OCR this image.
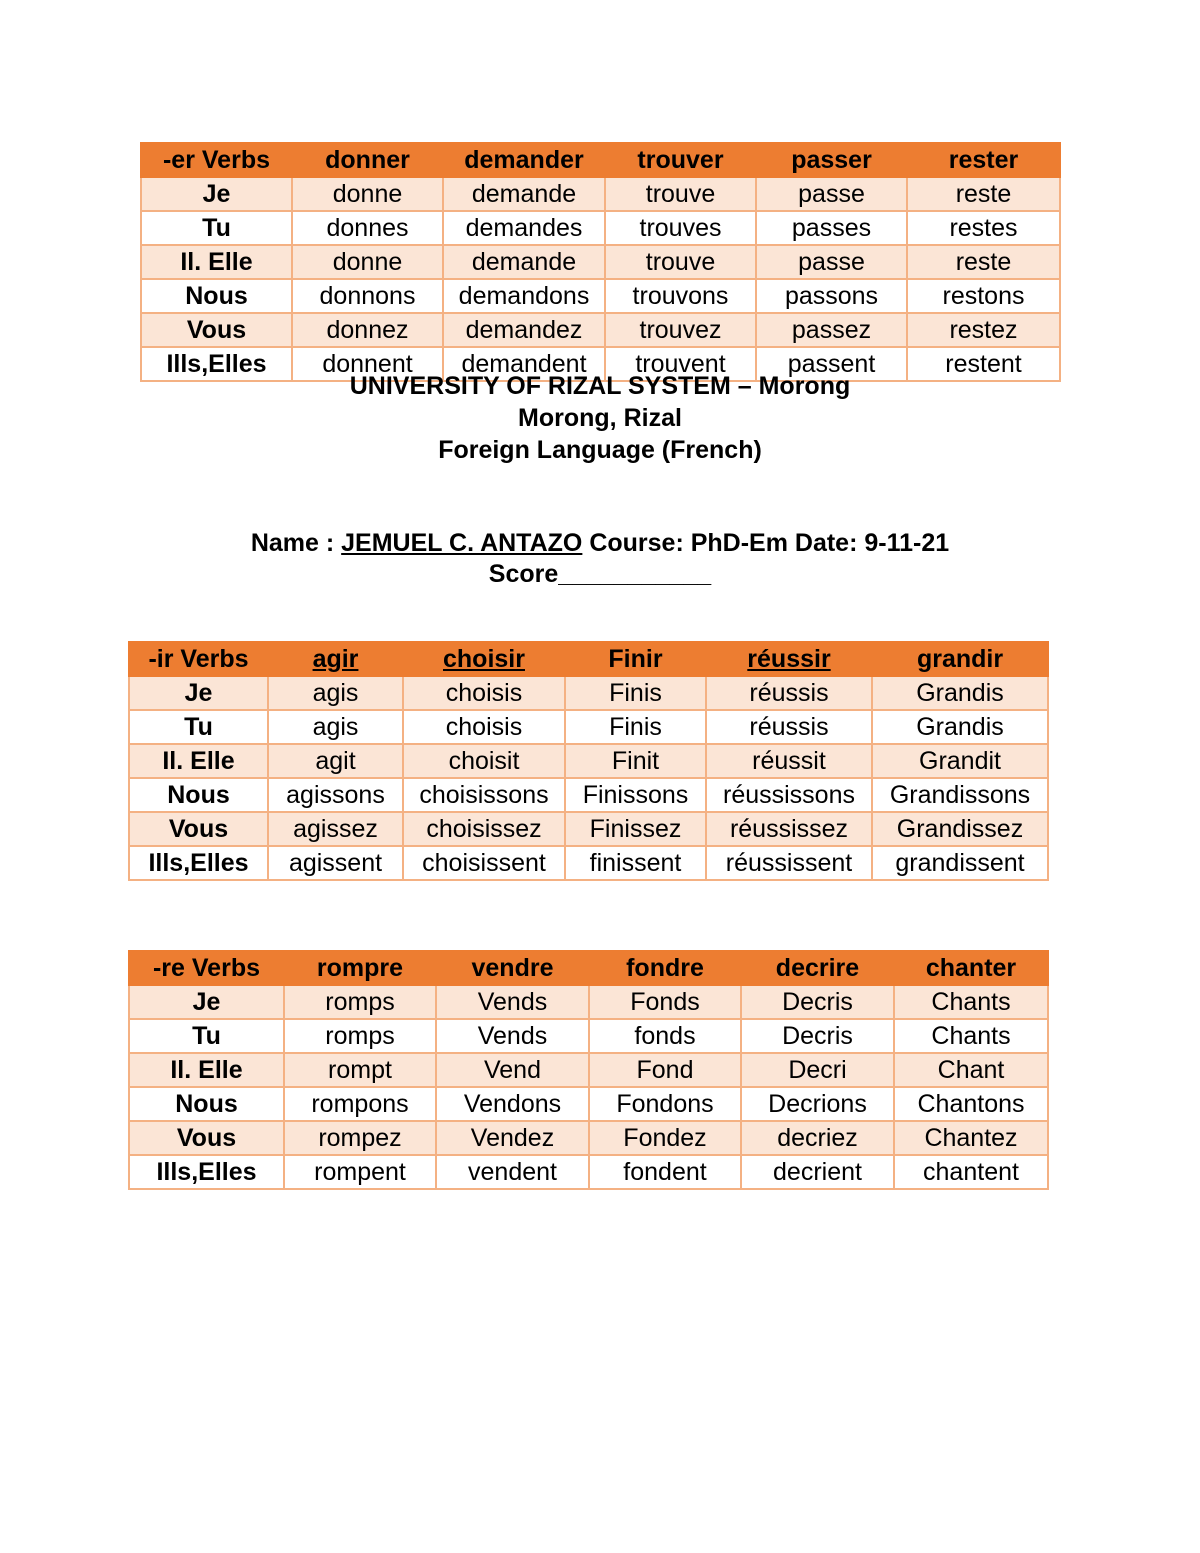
-er Verbs	donner	demander	trouver	passer	rester
Je	donne	demande	trouve	passe	reste
Tu	donnes	demandes	trouves	passes	restes
Il. Elle	donne	demande	trouve	passe	reste
Nous	donnons	demandons	trouvons	passons	restons
Vous	donnez	demandez	trouvez	passez	restez
Ills,Elles	donnent	demandent	trouvent	passent	restent
UNIVERSITY OF RIZAL SYSTEM – Morong
Morong, Rizal
Foreign Language (French)
Name : JEMUEL C. ANTAZO Course: PhD-Em Date: 9-11-21
Score___________
-ir Verbs	agir	choisir	Finir	réussir	grandir
Je	agis	choisis	Finis	réussis	Grandis
Tu	agis	choisis	Finis	réussis	Grandis
Il. Elle	agit	choisit	Finit	réussit	Grandit
Nous	agissons	choisissons	Finissons	réussissons	Grandissons
Vous	agissez	choisissez	Finissez	réussissez	Grandissez
Ills,Elles	agissent	choisissent	finissent	réussissent	grandissent
-re Verbs	rompre	vendre	fondre	decrire	chanter
Je	romps	Vends	Fonds	Decris	Chants
Tu	romps	Vends	fonds	Decris	Chants
Il. Elle	rompt	Vend	Fond	Decri	Chant
Nous	rompons	Vendons	Fondons	Decrions	Chantons
Vous	rompez	Vendez	Fondez	decriez	Chantez
Ills,Elles	rompent	vendent	fondent	decrient	chantent
